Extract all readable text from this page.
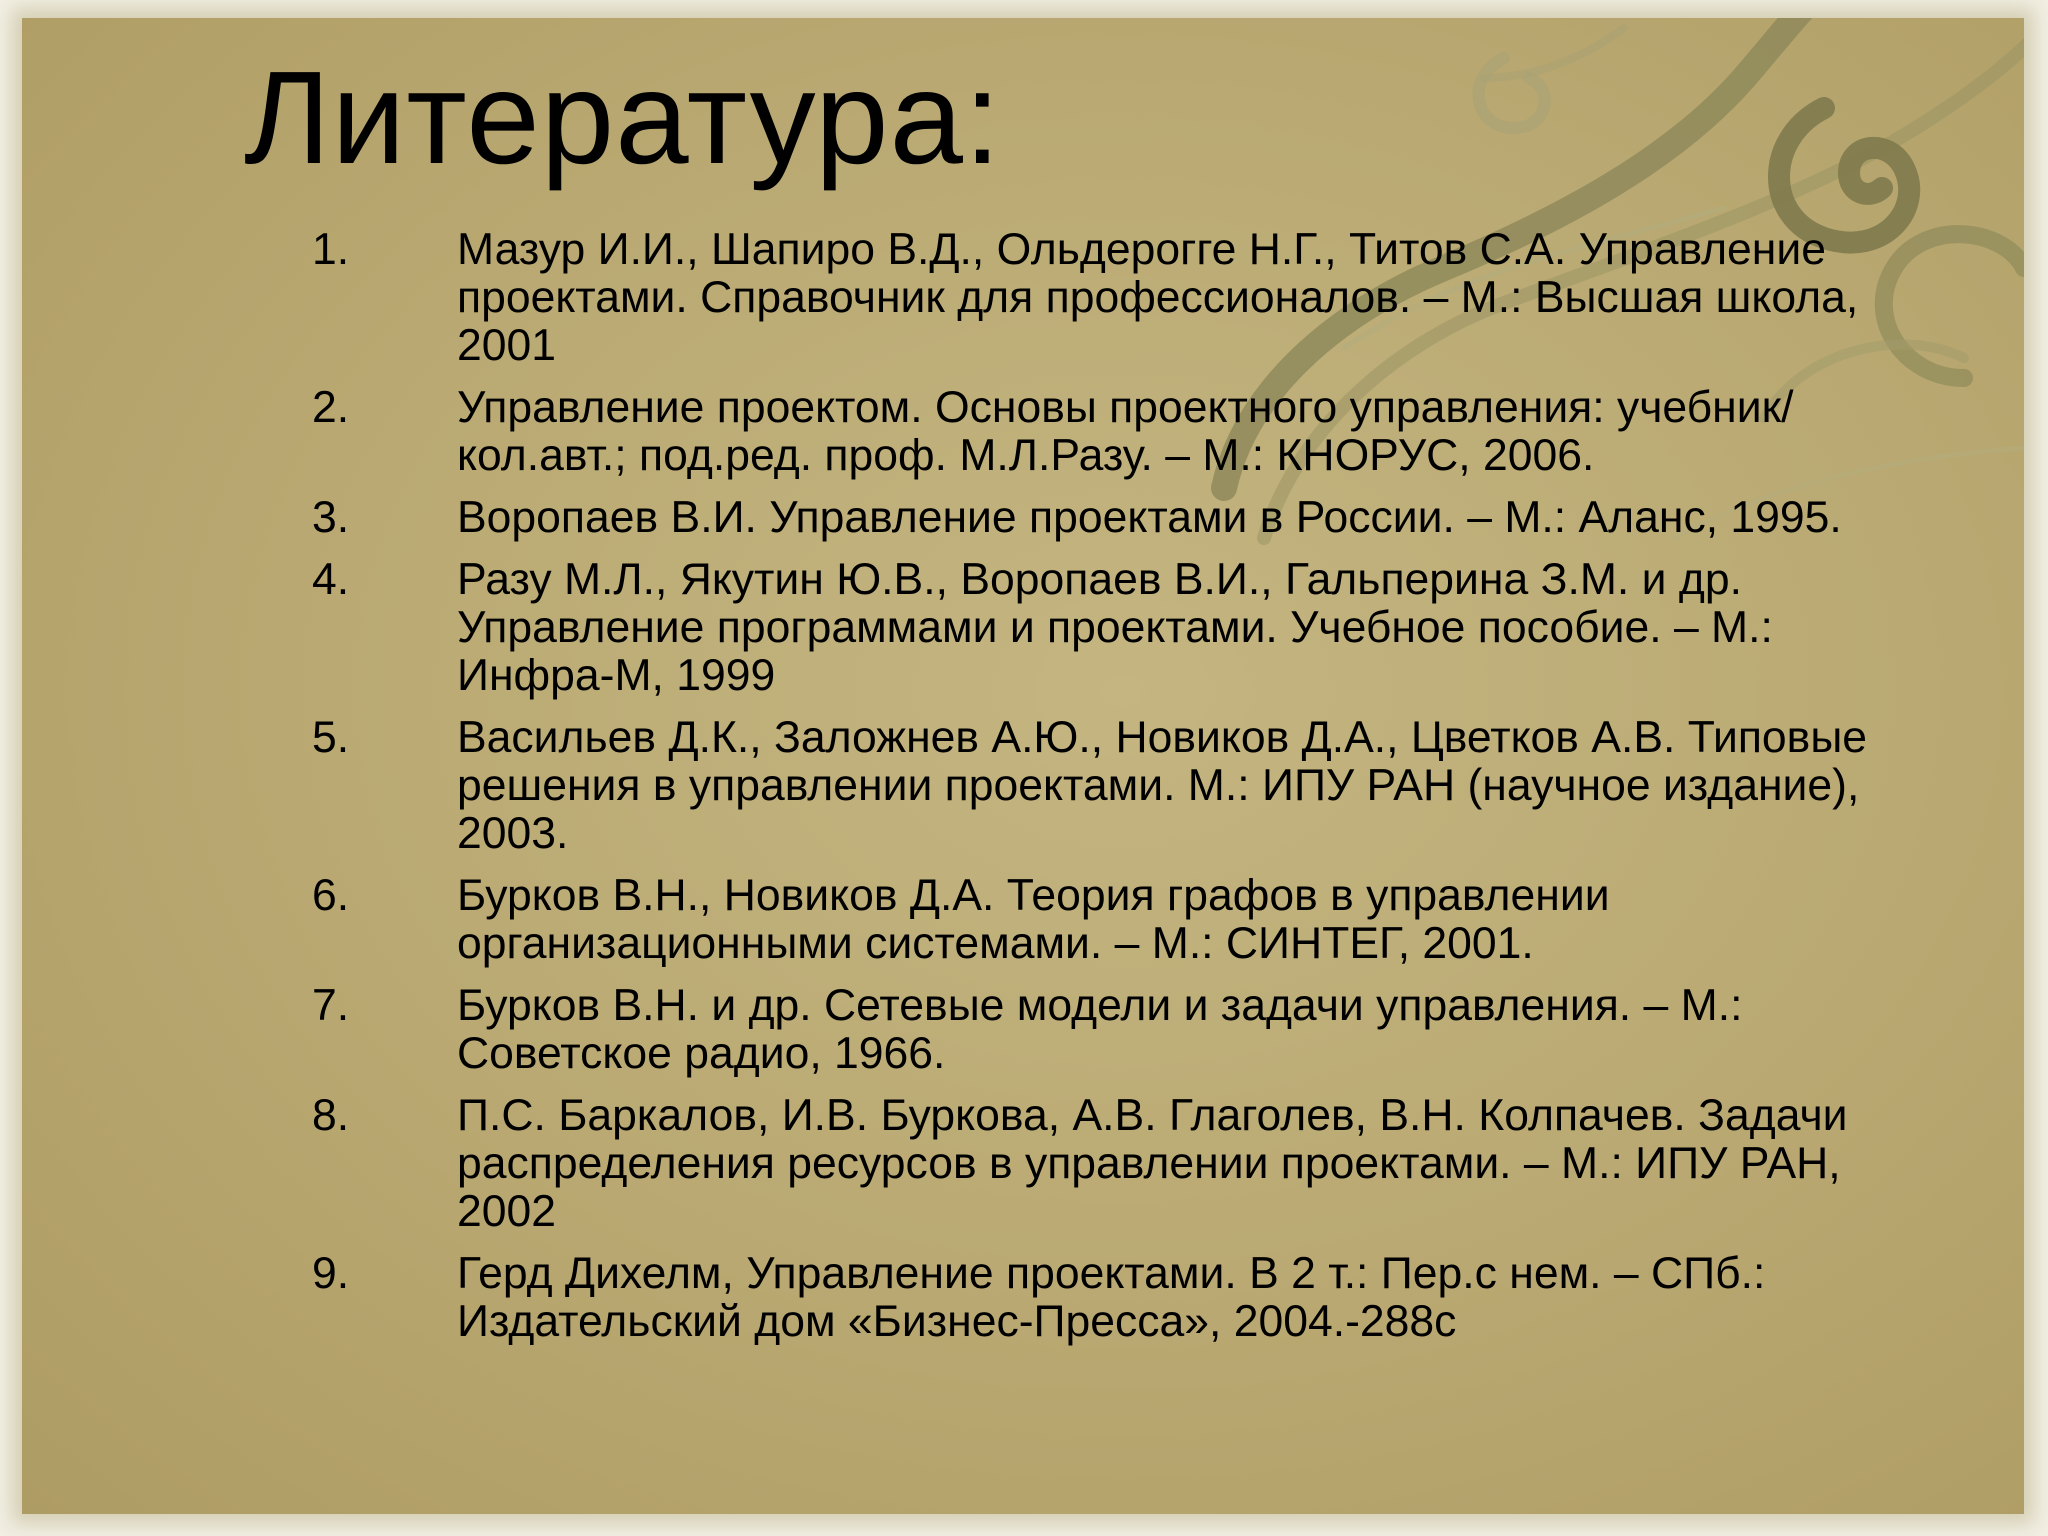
Литература:
1.	Мазур И.И., Шапиро В.Д., Ольдерогге Н.Г., Титов С.А. Управление проектами. Справочник для профессионалов. – М.: Высшая школа, 2001
2.	Управление проектом. Основы проектного управления: учебник/ кол.авт.; под.ред. проф. М.Л.Разу. – М.: КНОРУС, 2006.
3.	Воропаев В.И. Управление проектами в России. – М.: Аланс, 1995.
4.	Разу М.Л., Якутин Ю.В., Воропаев В.И., Гальперина З.М. и др. Управление программами и проектами. Учебное пособие. – М.: Инфра-М, 1999
5.	Васильев Д.К., Заложнев А.Ю., Новиков Д.А., Цветков А.В. Типовые решения в управлении проектами. М.: ИПУ РАН (научное издание), 2003.
6.	Бурков В.Н., Новиков Д.А. Теория графов в управлении организационными системами. – М.: СИНТЕГ, 2001.
7.	Бурков В.Н. и др. Сетевые модели и задачи управления. – М.: Советское радио, 1966.
8.	П.С. Баркалов, И.В. Буркова, А.В. Глаголев, В.Н. Колпачев. Задачи распределения ресурсов в управлении проектами. – М.: ИПУ РАН, 2002
9.	Герд Дихелм, Управление проектами. В 2 т.: Пер.с нем. – СПб.: Издательский дом «Бизнес-Пресса», 2004.-288с
